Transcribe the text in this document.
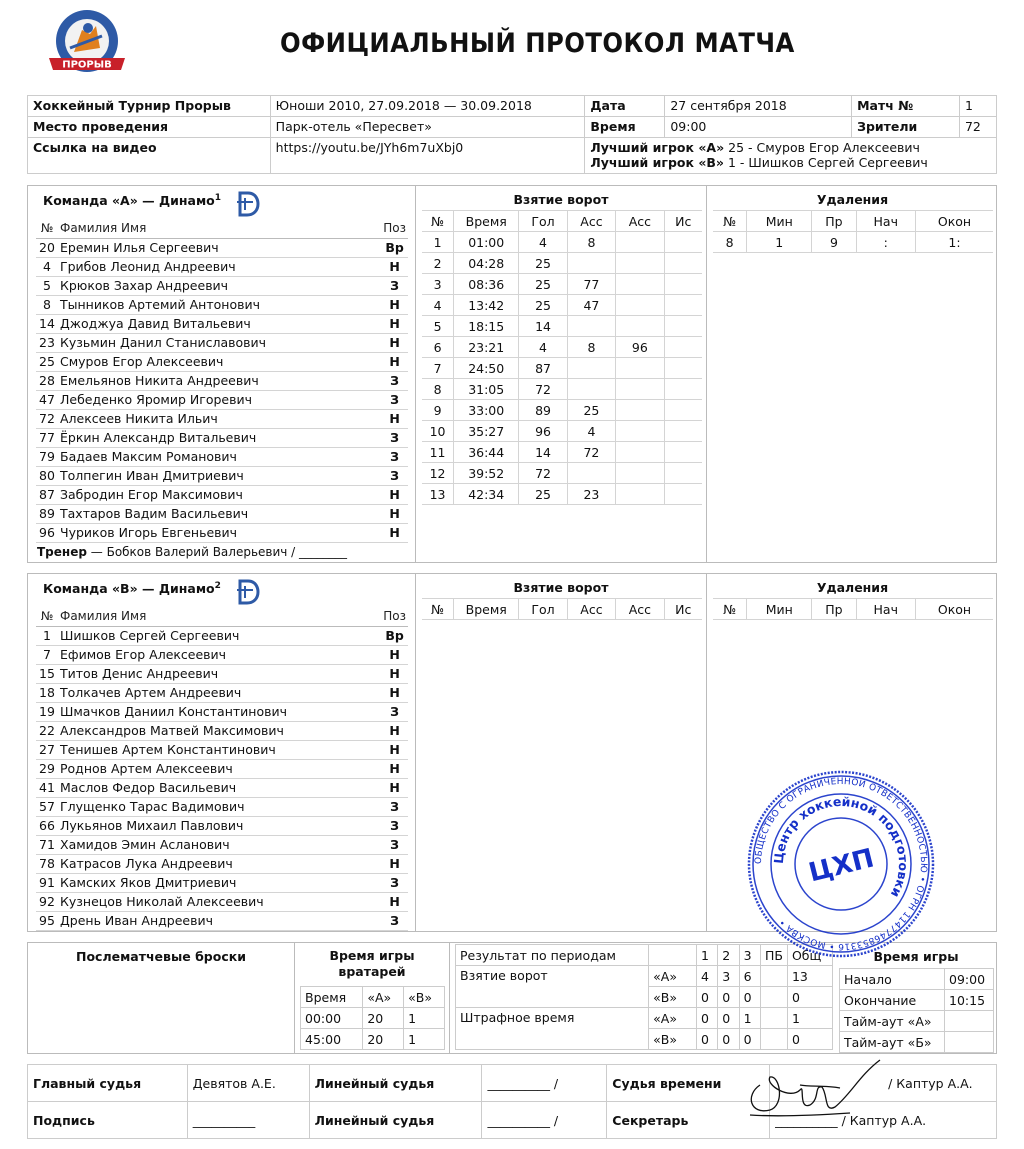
ПРОРЫВ
ОФИЦИАЛЬНЫЙ ПРОТОКОЛ МАТЧА
Хоккейный Турнир Прорыв	Юноши 2010, 27.09.2018 — 30.09.2018	Дата	27 сентября 2018	Матч №	1
Место проведения	Парк-отель «Пересвет»	Время	09:00	Зрители	72
Ссылка на видео	https://youtu.be/JYh6m7uXbj0	Лучший игрок «А» 25 - Смуров Егор Алексеевич
Лучший игрок «В» 1 - Шишков Сергей Сергеевич			
Команда «А» — Динамо$^1$
№	Фамилия Имя	Поз
20	Еремин Илья Сергеевич	Вр
4	Грибов Леонид Андреевич	Н
5	Крюков Захар Андреевич	З
8	Тынников Артемий Антонович	Н
14	Джоджуа Давид Витальевич	Н
23	Кузьмин Данил Станиславович	Н
25	Смуров Егор Алексеевич	Н
28	Емельянов Никита Андреевич	З
47	Лебеденко Яромир Игоревич	З
72	Алексеев Никита Ильич	Н
77	Ёркин Александр Витальевич	З
79	Бадаев Максим Романович	З
80	Толпегин Иван Дмитриевич	З
87	Забродин Егор Максимович	Н
89	Тахтаров Вадим Васильевич	Н
96	Чуриков Игорь Евгеньевич	Н
Тренер — Бобков Валерий Валерьевич / ________
Взятие ворот
№	Время	Гол	Асс	Асс	Ис
1	01:00	4	8		
2	04:28	25			
3	08:36	25	77		
4	13:42	25	47		
5	18:15	14			
6	23:21	4	8	96	
7	24:50	87			
8	31:05	72			
9	33:00	89	25		
10	35:27	96	4		
11	36:44	14	72		
12	39:52	72			
13	42:34	25	23		
Удаления
№	Мин	Пр	Нач	Окон
8	1	9	:	1:
Команда «В» — Динамо$^2$
№	Фамилия Имя	Поз
1	Шишков Сергей Сергеевич	Вр
7	Ефимов Егор Алексеевич	Н
15	Титов Денис Андреевич	Н
18	Толкачев Артем Андреевич	Н
19	Шмачков Даниил Константинович	З
22	Александров Матвей Максимович	Н
27	Тенишев Артем Константинович	Н
29	Роднов Артем Алексеевич	Н
41	Маслов Федор Васильевич	Н
57	Глущенко Тарас Вадимович	З
66	Лукьянов Михаил Павлович	З
71	Хамидов Эмин Асланович	З
78	Катрасов Лука Андреевич	Н
91	Камских Яков Дмитриевич	З
92	Кузнецов Николай Алексеевич	Н
95	Дрень Иван Андреевич	З
Взятие ворот
№	Время	Гол	Асс	Асс	Ис
Удаления
№	Мин	Пр	Нач	Окон
Послематчевые броски	Время игры вратарей
Время	«А»	«В»
00:00	20	1
45:00	20	1
Результат по периодам		1	2	3	ПБ	Общ
Взятие ворот	«А»	4	3	6		13
	«В»	0	0	0		0
Штрафное время	«А»	0	0	1		1
	«В»	0	0	0		0
Время игры
Начало	09:00
Окончание	10:15
Тайм-аут «А»	
Тайм-аут «Б»	
Главный судья	Девятов А.Е.	Линейный судья	__________ /	Судья времени	/ Каптур А.А.
Подпись	__________	Линейный судья	__________ /	Секретарь	__________ / Каптур А.А.
ОБЩЕСТВО С ОГРАНИЧЕННОЙ ОТВЕТСТВЕННОСТЬЮ • ОГРН 1147746853316 • МОСКВА •
Центр хоккейной подготовки
ЦХП
